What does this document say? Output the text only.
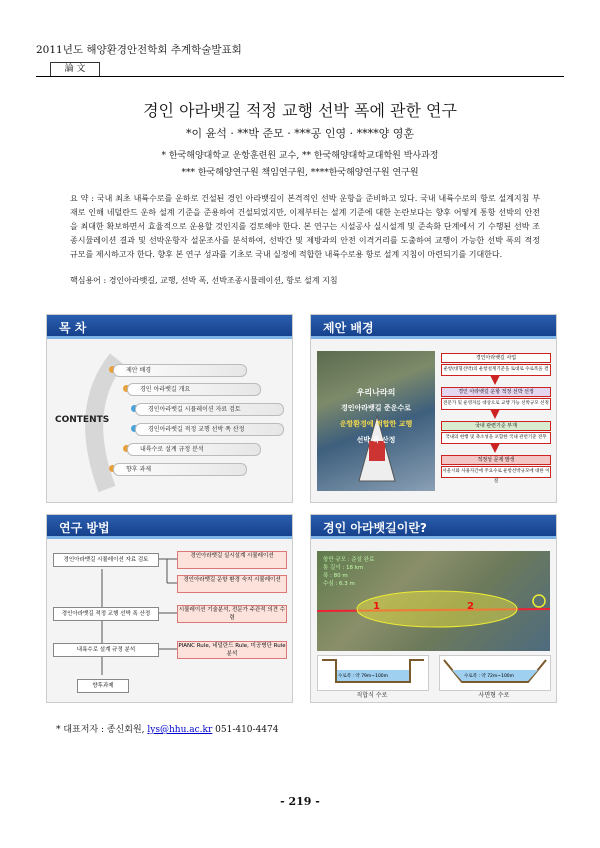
2011년도 해양환경안전학회 추계학술발표회
論 文
경인 아라뱃길 적정 교행 선박 폭에 관한 연구
*이 윤석 · **박 준모 · ***공 인영 · ****양 영훈
* 한국해양대학교 운항훈련원 교수, ** 한국해양대학교대학원 박사과정
*** 한국해양연구원 책임연구원, ****한국해양연구원 연구원
요 약 : 국내 최초 내륙수로를 운하로 건설된 경인 아라뱃길이 본격적인 선박 운항을 준비하고 있다. 국내 내륙수로의 항로 설계지침 부재로 인해 네덜란드 운하 설계 기준을 준용하여 건설되었지만, 이제부터는 설계 기준에 대한 논란보다는 향후 어떻게 통항 선박의 안전을 최대한 확보하면서 효율적으로 운용할 것인지를 검토해야 한다. 본 연구는 시설공사 실시설계 및 준속화 단계에서 기 수행된 선박 조종시뮬레이션 결과 및 선박운항자 설문조사를 분석하여, 선박간 및 제방과의 안전 이격거리를 도출하여 교행이 가능한 선박 폭의 적정 규모를 제시하고자 한다. 향후 본 연구 성과를 기초로 국내 실정에 적합한 내륙수로용 항로 설계 지침이 마련되기를 기대한다.
핵심용어 : 경인아라뱃길, 교행, 선박 폭, 선박조종시뮬레이션, 항로 설계 지침
목 차
CONTENTS
제안 배경
경인 아라뱃길 개요
경인아라뱃길 시뮬레이션 자료 검토
경인아라뱃길 적정 교행 선박 폭 산정
내륙수로 설계 규정 분석
향후 과제
제안 배경
우리나라의
경인아라뱃길 준운수로
운항환경에 적합한 교행
선박 폭 산정
경인아라뱃길 사업
운항(대형선박)의 운항설계기준을 토대로 수로폭을 결
경인 아라뱃길 운항 적정 선박 선정
전문가 및 운영자를 대상으로 교행 가능 선박규모 선정
국내 관련기준 부재
국내의 현행 및 축소성을 포함한 국내 관련기준 전무
적정성 문제 발생
서울시와 사용자간에 주요수로 운항선박규모에 대한 이질
연구 방법
경인아라뱃길 시뮬레이션 자료 검토
경인아라뱃길 적정 교행 선박 폭 산정
내륙수로 설계 규정 분석
향후과제
경인아라뱃길 실시설계 시뮬레이션
경인아라뱃길 운항 환경 숙지 시뮬레이션
시뮬레이션 기술분석, 전문가 주관적 의견 수렴
PIANC Rule, 네덜란드 Rule, 미공병단 Rule 분석
경인 아라뱃길이란?
항만 규모 : 준설 완료
통 길이 : 18 km
폭 : 80 m
수심 : 6.3 m
1	2
수로폭 : 약 79m~100m	수로폭 : 약 72m~100m
직합식 수로	사면형 수로
* 대표저자 : 종신회원, lys@hhu.ac.kr 051-410-4474
- 219 -
